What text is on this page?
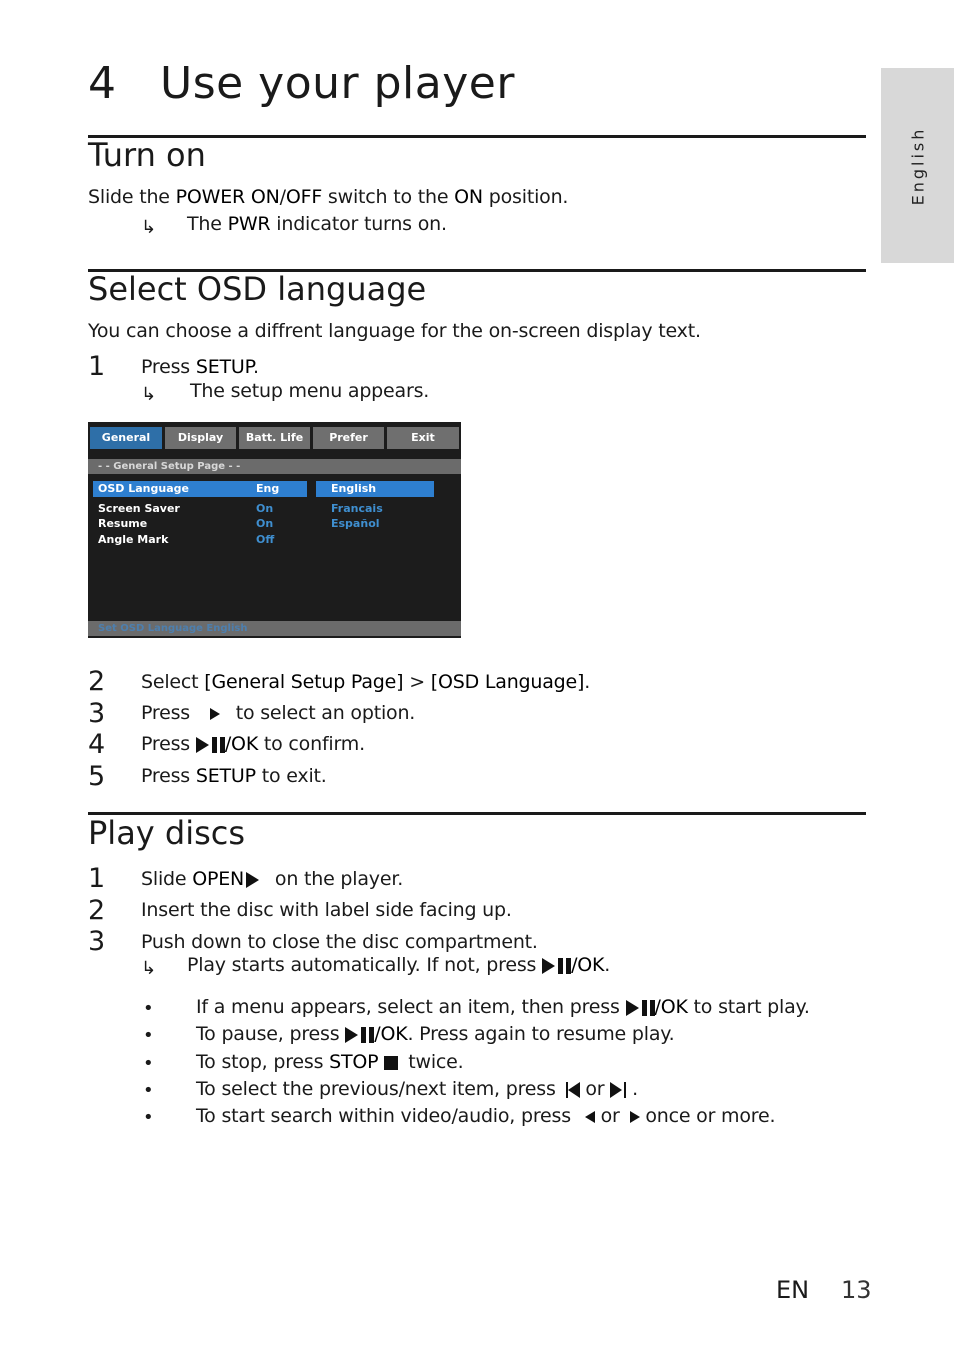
English
4 Use your player
Turn on
Slide the POWER ON/OFF switch to the ON position.
↳ The PWR indicator turns on.
Select OSD language
You can choose a diffrent language for the on-screen display text.
1 Press SETUP.
↳ The setup menu appears.
General	Display	Batt. Life	Prefer	Exit
- - General Setup Page - -
OSD Language	Eng	English
Screen Saver	On	Francais
Resume	On	Español
Angle Mark	Off
Set OSD Language English
2 Select [General Setup Page] > [OSD Language].
3 Press  to select an option.
4 Press /OK to confirm.
5 Press SETUP to exit.
Play discs
1 Slide OPEN on the player.
2 Insert the disc with label side facing up.
3 Push down to close the disc compartment.
↳ Play starts automatically. If not, press /OK.
• If a menu appears, select an item, then press /OK to start play.
• To pause, press /OK. Press again to resume play.
• To stop, press STOP twice.
• To select the previous/next item, press  or  .
• To start search within video/audio, press  or  once or more.
EN 13
